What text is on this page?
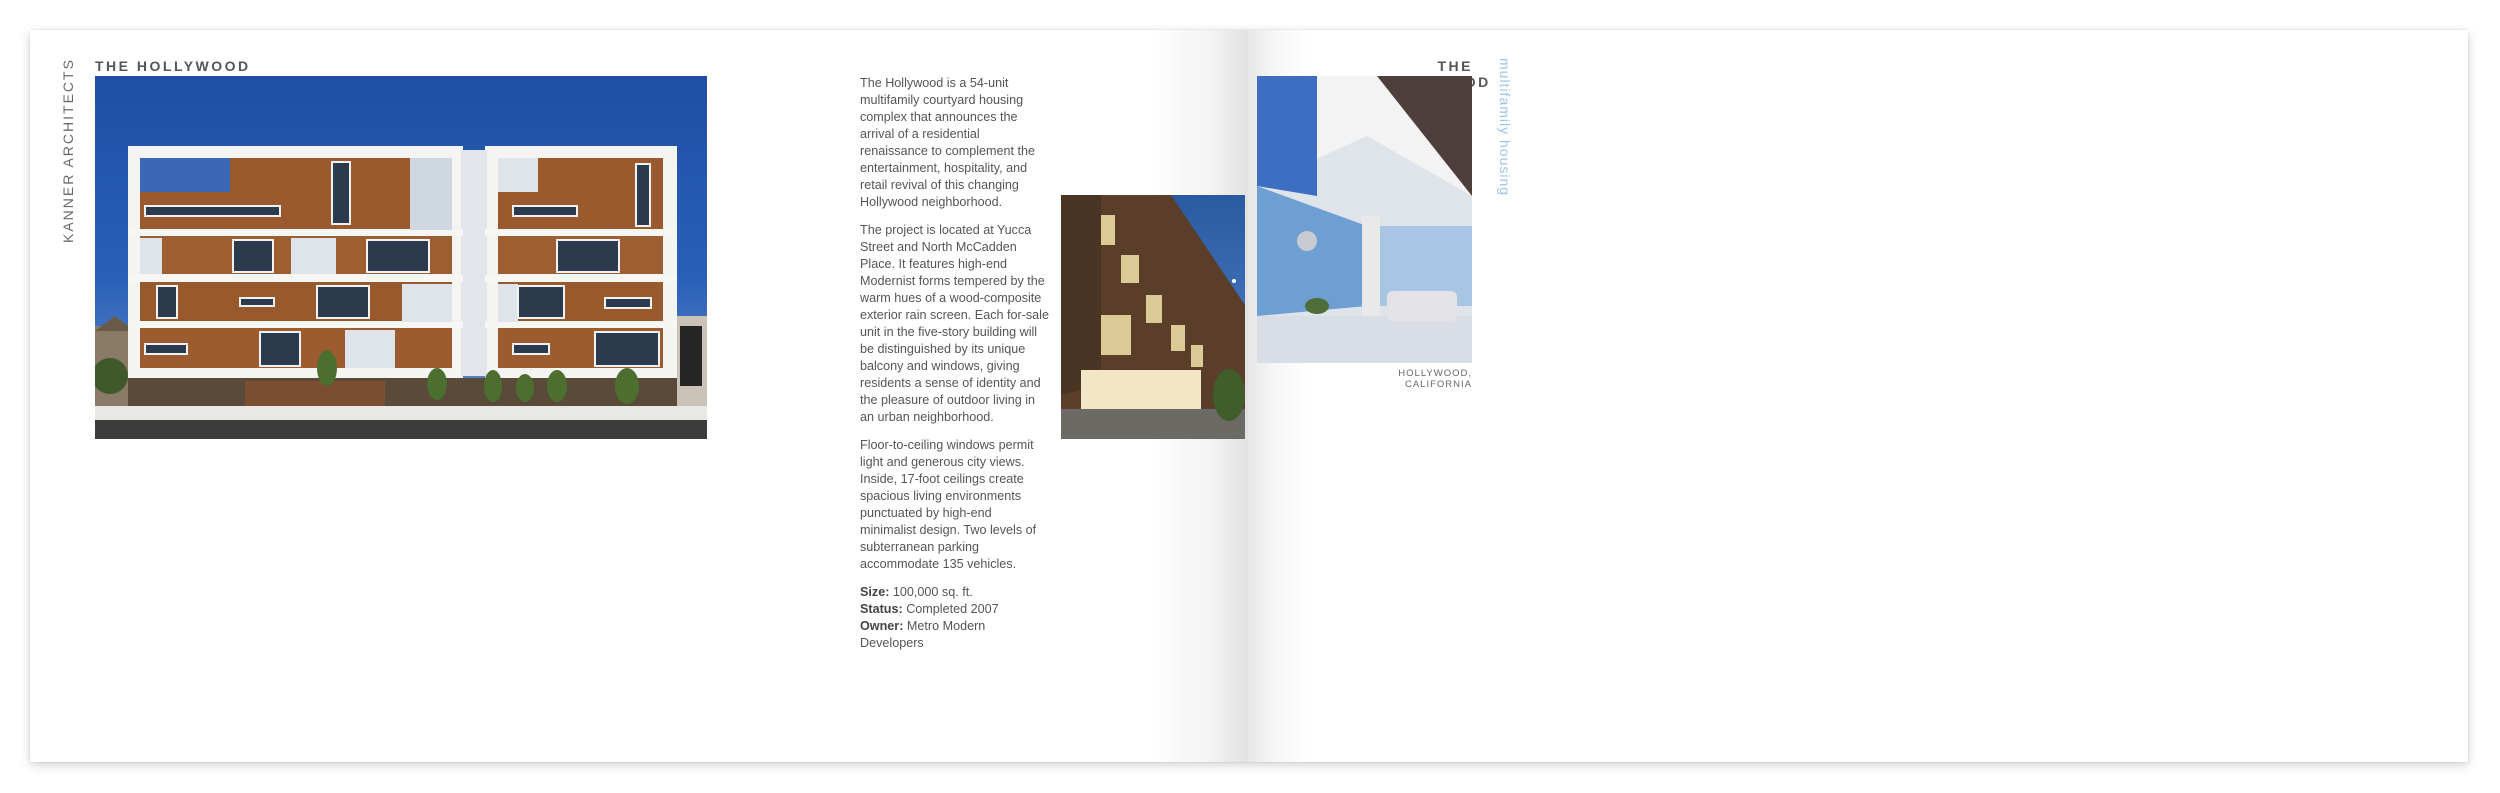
KANNER ARCHITECTS THE HOLLYWOOD	multifamily housing
THE

The Hollywood is a 54-unit multifamily courtyard housing complex that announces the arrival of a residential renaissance to complement the entertainment, hospitality, and retail revival of this changing Hollywood neighborhood.

The project is located at Yucca Street and North McCadden Place. It features high-end Modernist forms tempered by the warm hues of a wood-composite exterior rain screen. Each for-sale unit in the five-story building will be distinguished by its unique balcony and windows, giving residents a sense of identity and the pleasure of outdoor living in an urban neighborhood.

Floor-to-ceiling windows permit light and generous city views. Inside, 17-foot ceilings create spacious living environments punctuated by high-end minimalist design. Two levels of subterranean parking accommodate 135 vehicles.

Size: 100,000 sq. ft.
Status: Completed 2007
Owner: Metro Modern Developers
HOLLYWOOD, CALIFORNIA
